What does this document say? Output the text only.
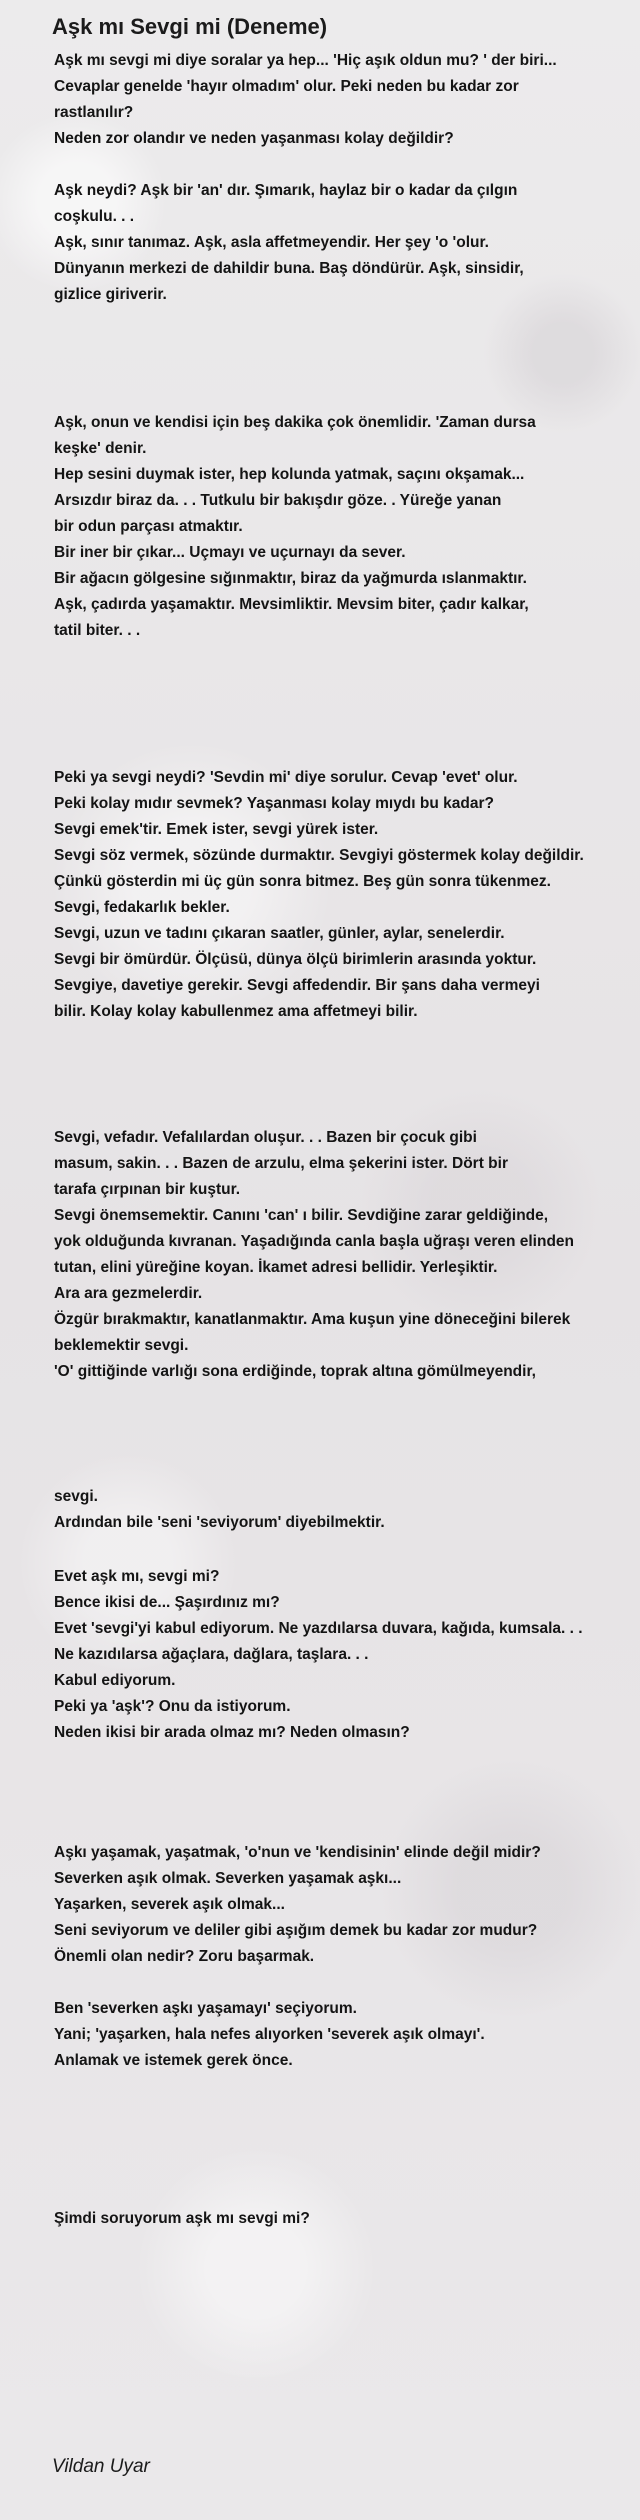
Aşk mı Sevgi mi (Deneme)
Aşk mı sevgi mi diye soralar ya hep... 'Hiç aşık oldun mu? ' der biri...
Cevaplar genelde 'hayır olmadım' olur. Peki neden bu kadar zor
rastlanılır?
Neden zor olandır ve neden yaşanması kolay değildir?
Aşk neydi? Aşk bir 'an' dır. Şımarık, haylaz bir o kadar da çılgın
coşkulu. . .
Aşk, sınır tanımaz. Aşk, asla affetmeyendir. Her şey 'o 'olur.
Dünyanın merkezi de dahildir buna. Baş döndürür. Aşk, sinsidir,
gizlice giriverir.
Aşk, onun ve kendisi için beş dakika çok önemlidir. 'Zaman dursa
keşke' denir.
Hep sesini duymak ister, hep kolunda yatmak, saçını okşamak...
Arsızdır biraz da. . . Tutkulu bir bakışdır göze. . Yüreğe yanan
bir odun parçası atmaktır.
Bir iner bir çıkar... Uçmayı ve uçurnayı da sever.
Bir ağacın gölgesine sığınmaktır, biraz da yağmurda ıslanmaktır.
Aşk, çadırda yaşamaktır. Mevsimliktir. Mevsim biter, çadır kalkar,
tatil biter. . .
Peki ya sevgi neydi? 'Sevdin mi' diye sorulur. Cevap 'evet' olur.
Peki kolay mıdır sevmek? Yaşanması kolay mıydı bu kadar?
Sevgi emek'tir. Emek ister, sevgi yürek ister.
Sevgi söz vermek, sözünde durmaktır. Sevgiyi göstermek kolay değildir.
Çünkü gösterdin mi üç gün sonra bitmez. Beş gün sonra tükenmez.
Sevgi, fedakarlık bekler.
Sevgi, uzun ve tadını çıkaran saatler, günler, aylar, senelerdir.
Sevgi bir ömürdür. Ölçüsü, dünya ölçü birimlerin arasında yoktur.
Sevgiye, davetiye gerekir. Sevgi affedendir. Bir şans daha vermeyi
bilir. Kolay kolay kabullenmez ama affetmeyi bilir.
Sevgi, vefadır. Vefalılardan oluşur. . . Bazen bir çocuk gibi
masum, sakin. . . Bazen de arzulu, elma şekerini ister. Dört bir
tarafa çırpınan bir kuştur.
Sevgi önemsemektir. Canını 'can' ı bilir. Sevdiğine zarar geldiğinde,
yok olduğunda kıvranan. Yaşadığında canla başla uğraşı veren elinden
tutan, elini yüreğine koyan. İkamet adresi bellidir. Yerleşiktir.
Ara ara gezmelerdir.
Özgür bırakmaktır, kanatlanmaktır. Ama kuşun yine döneceğini bilerek
beklemektir sevgi.
'O' gittiğinde varlığı sona erdiğinde, toprak altına gömülmeyendir,
sevgi.
Ardından bile 'seni 'seviyorum' diyebilmektir.
Evet aşk mı, sevgi mi?
Bence ikisi de... Şaşırdınız mı?
Evet 'sevgi'yi kabul ediyorum. Ne yazdılarsa duvara, kağıda, kumsala. . .
Ne kazıdılarsa ağaçlara, dağlara, taşlara. . .
Kabul ediyorum.
Peki ya 'aşk'? Onu da istiyorum.
Neden ikisi bir arada olmaz mı? Neden olmasın?
Aşkı yaşamak, yaşatmak, 'o'nun ve 'kendisinin' elinde değil midir?
Severken aşık olmak. Severken yaşamak aşkı...
Yaşarken, severek aşık olmak...
Seni seviyorum ve deliler gibi aşığım demek bu kadar zor mudur?
Önemli olan nedir? Zoru başarmak.
Ben 'severken aşkı yaşamayı' seçiyorum.
Yani; 'yaşarken, hala nefes alıyorken 'severek aşık olmayı'.
Anlamak ve istemek gerek önce.
Şimdi soruyorum aşk mı sevgi mi?
Vildan Uyar
